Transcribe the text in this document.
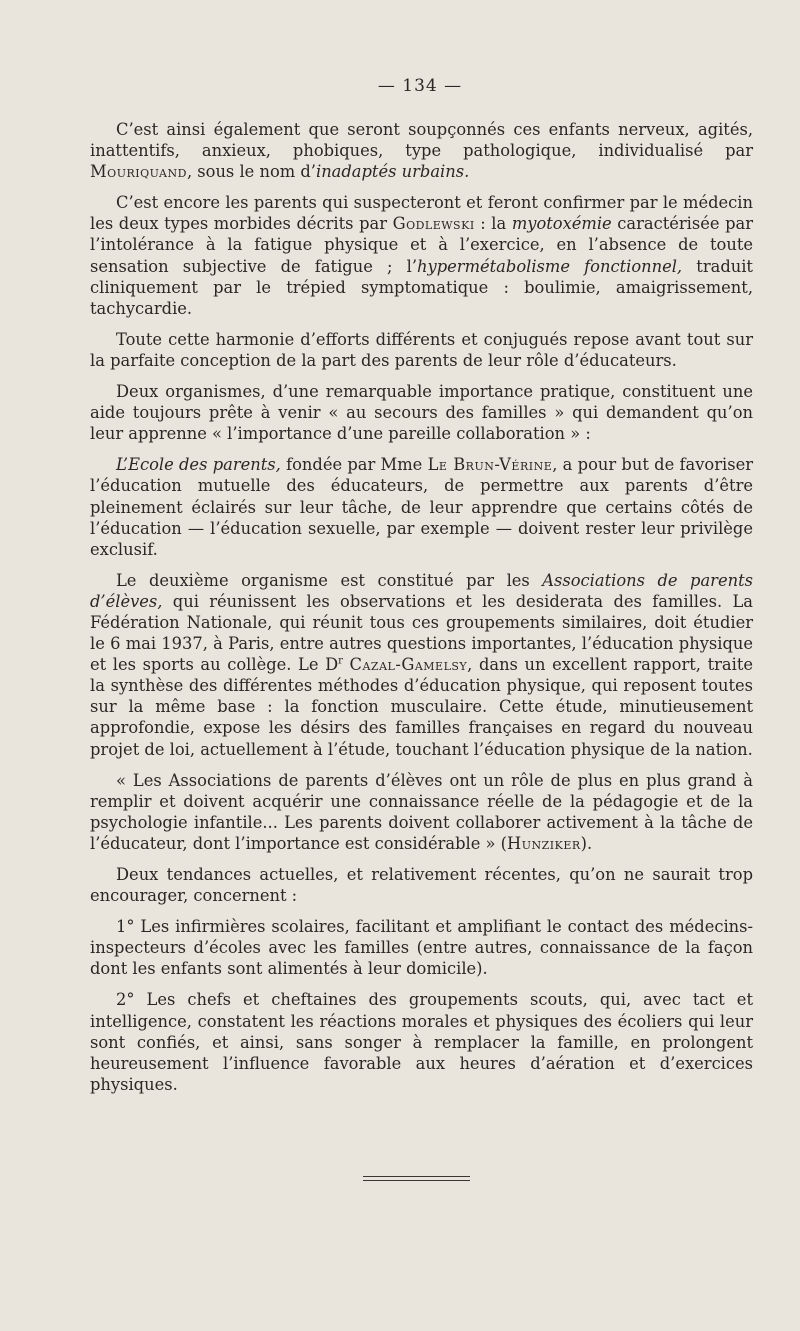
— 134 —

C’est ainsi également que seront soupçonnés ces enfants nerveux, agités, inattentifs, anxieux, phobiques, type pathologique, individualisé par Mouriquand, sous le nom d’inadaptés urbains.

C’est encore les parents qui suspecteront et feront confirmer par le médecin les deux types morbides décrits par Godlewski : la myotoxémie caractérisée par l’intolérance à la fatigue physique et à l’exercice, en l’absence de toute sensation subjective de fatigue ; l’hypermétabolisme fonctionnel, traduit cliniquement par le trépied symptomatique : boulimie, amaigrissement, tachycardie.

Toute cette harmonie d’efforts différents et conjugués repose avant tout sur la parfaite conception de la part des parents de leur rôle d’éducateurs.

Deux organismes, d’une remarquable importance pratique, constituent une aide toujours prête à venir « au secours des familles » qui demandent qu’on leur apprenne « l’importance d’une pareille collaboration » :

L’Ecole des parents, fondée par Mme Le Brun-Vérine, a pour but de favoriser l’éducation mutuelle des éducateurs, de permettre aux parents d’être pleinement éclairés sur leur tâche, de leur apprendre que certains côtés de l’éducation — l’éducation sexuelle, par exemple — doivent rester leur privilège exclusif.

Le deuxième organisme est constitué par les Associations de parents d’élèves, qui réunissent les observations et les desiderata des familles. La Fédération Nationale, qui réunit tous ces groupements similaires, doit étudier le 6 mai 1937, à Paris, entre autres questions importantes, l’éducation physique et les sports au collège. Le $D^r$ Cazal-Gamelsy, dans un excellent rapport, traite la synthèse des différentes méthodes d’éducation physique, qui reposent toutes sur la même base : la fonction musculaire. Cette étude, minutieusement approfondie, expose les désirs des familles françaises en regard du nouveau projet de loi, actuellement à l’étude, touchant l’éducation physique de la nation.

« Les Associations de parents d’élèves ont un rôle de plus en plus grand à remplir et doivent acquérir une connaissance réelle de la pédagogie et de la psychologie infantile... Les parents doivent collaborer activement à la tâche de l’éducateur, dont l’importance est considérable » (Hunziker).

Deux tendances actuelles, et relativement récentes, qu’on ne saurait trop encourager, concernent :

1° Les infirmières scolaires, facilitant et amplifiant le contact des médecins-inspecteurs d’écoles avec les familles (entre autres, connaissance de la façon dont les enfants sont alimentés à leur domicile).

2° Les chefs et cheftaines des groupements scouts, qui, avec tact et intelligence, constatent les réactions morales et physiques des écoliers qui leur sont confiés, et ainsi, sans songer à remplacer la famille, en prolongent heureusement l’influence favorable aux heures d’aération et d’exercices physiques.
